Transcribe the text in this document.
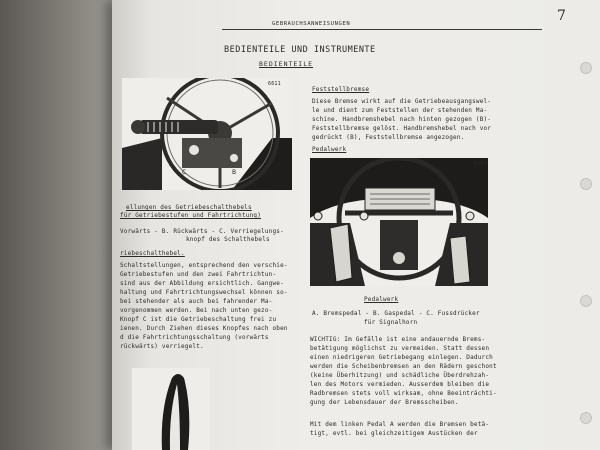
GEBRAUCHSANWEISUNGEN	7
BEDIENTEILE UND INSTRUMENTE
BEDIENTEILE
C	B
6611
ellungen des Getriebeschalthebels
für Getriebestufen und Fahrtrichtung)
Vorwärts - B. Rückwärts - C. Verriegelungs-
knopf des Schalthebels
riebeschalthebel.
Schaltstellungen, entsprechend den verschie-
Getriebestufen und den zwei Fahrtrichtun-
sind aus der Abbildung ersichtlich. Gangwe-
haltung und Fahrtrichtungswechsel können so-
bei stehender als auch bei fahrender Ma-
vorgenommen werden. Bei nach unten gezo-
Knopf C ist die Getriebeschaltung frei zu
ienen. Durch Ziehen dieses Knopfes nach oben
d die Fahrtrichtungsschaltung (vorwärts
rückwärts) verriegelt.
Feststellbremse
Diese Bremse wirkt auf die Getriebeausgangswel-
le und dient zum Feststellen der stehenden Ma-
schine. Handbremshebel nach hinten gezogen (B)-
Feststellbremse gelöst. Handbremshebel nach vor
gedrückt (B), Feststellbremse angezogen.
Pedalwerk
6601
Pedalwerk
A. Bremspedal - B. Gaspedal - C. Fussdrücker
für Signalhorn
WICHTIG: Im Gefälle ist eine andauernde Brems-
betätigung möglichst zu vermeiden. Statt dessen
einen niedrigeren Getriebegang einlegen. Dadurch
werden die Scheibenbremsen an den Rädern geschont
(keine Überhitzung) und schädliche Überdrehzah-
len des Motors vermieden. Ausserdem bleiben die
Radbremsen stets voll wirksam, ohne Beeinträchti-
gung der Lebensdauer der Bremsscheiben.
Mit dem linken Pedal A werden die Bremsen betä-
tigt, evtl. bei gleichzeitigem Austücken der
